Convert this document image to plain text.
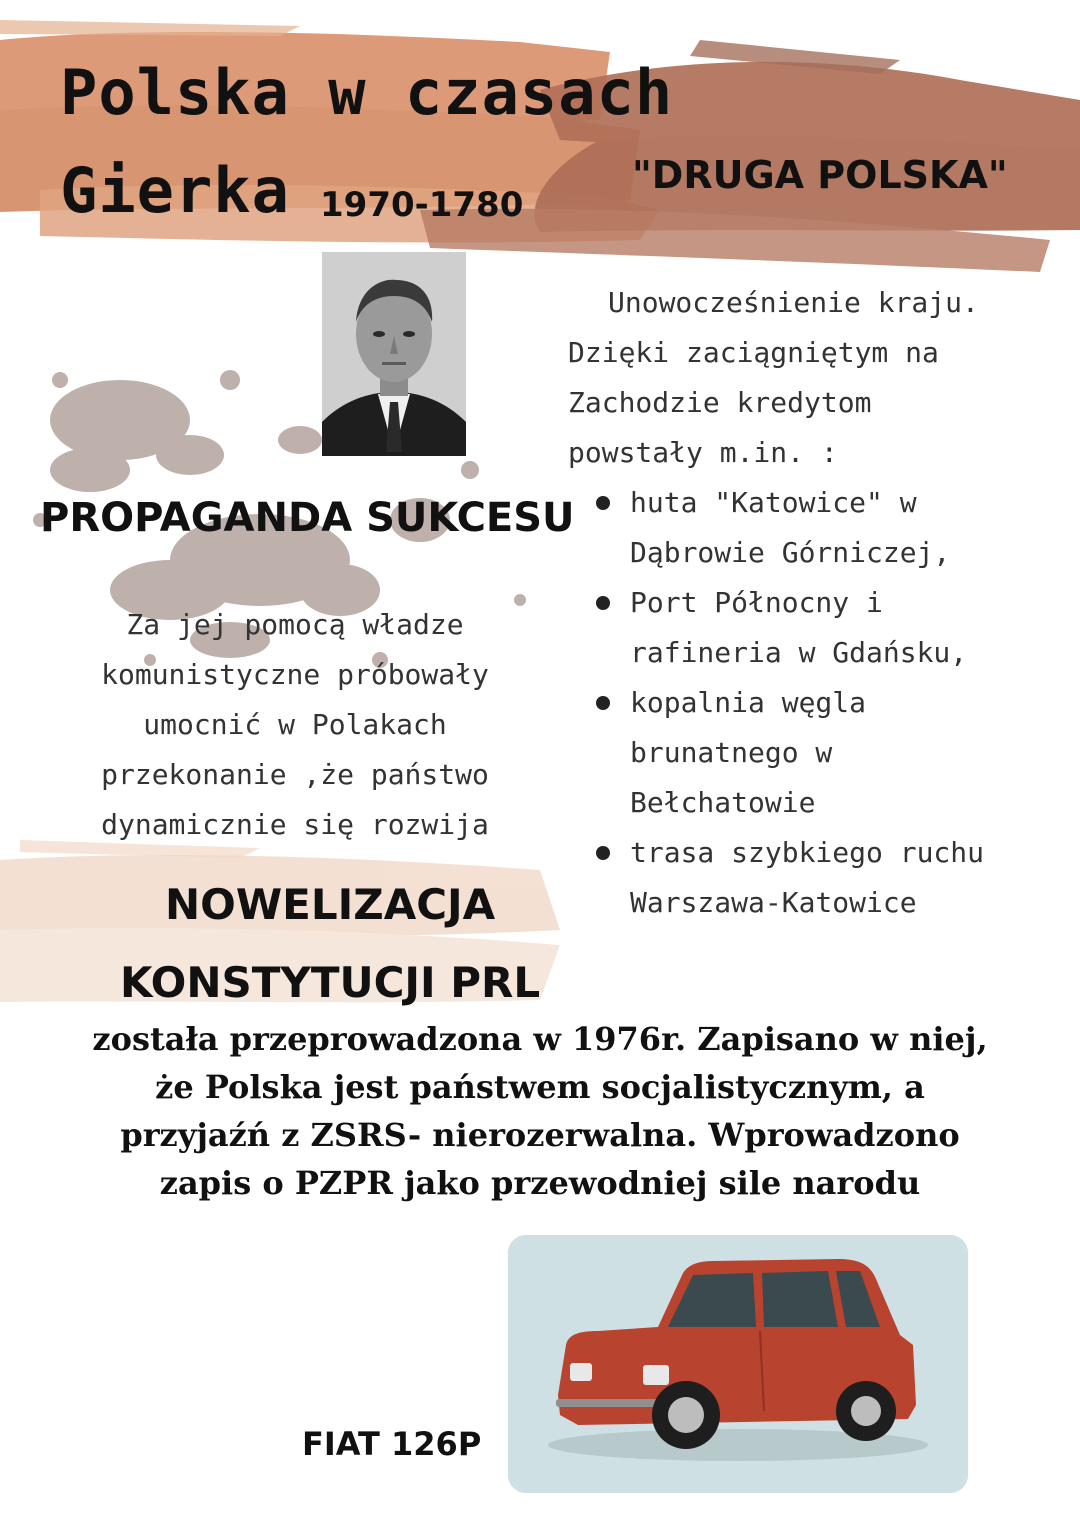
Polska w czasach
Gierka 1970-1780
"DRUGA POLSKA"
PROPAGANDA SUKCESU
Za jej pomocą władze
komunistyczne próbowały
umocnić w Polakach
przekonanie ,że państwo
dynamicznie się rozwija
Unowocześnienie kraju.
Dzięki zaciągniętym na
Zachodzie kredytom
powstały m.in. :
huta "Katowice" w
Dąbrowie Górniczej,
Port Północny i
rafineria w Gdańsku,
kopalnia węgla
brunatnego w
Bełchatowie
trasa szybkiego ruchu
Warszawa-Katowice
NOWELIZACJA
KONSTYTUCJI PRL
została przeprowadzona w 1976r. Zapisano w niej,
że Polska jest państwem socjalistycznym, a
przyjaźń z ZSRS- nierozerwalna. Wprowadzono
zapis o PZPR jako przewodniej sile narodu
FIAT 126P
